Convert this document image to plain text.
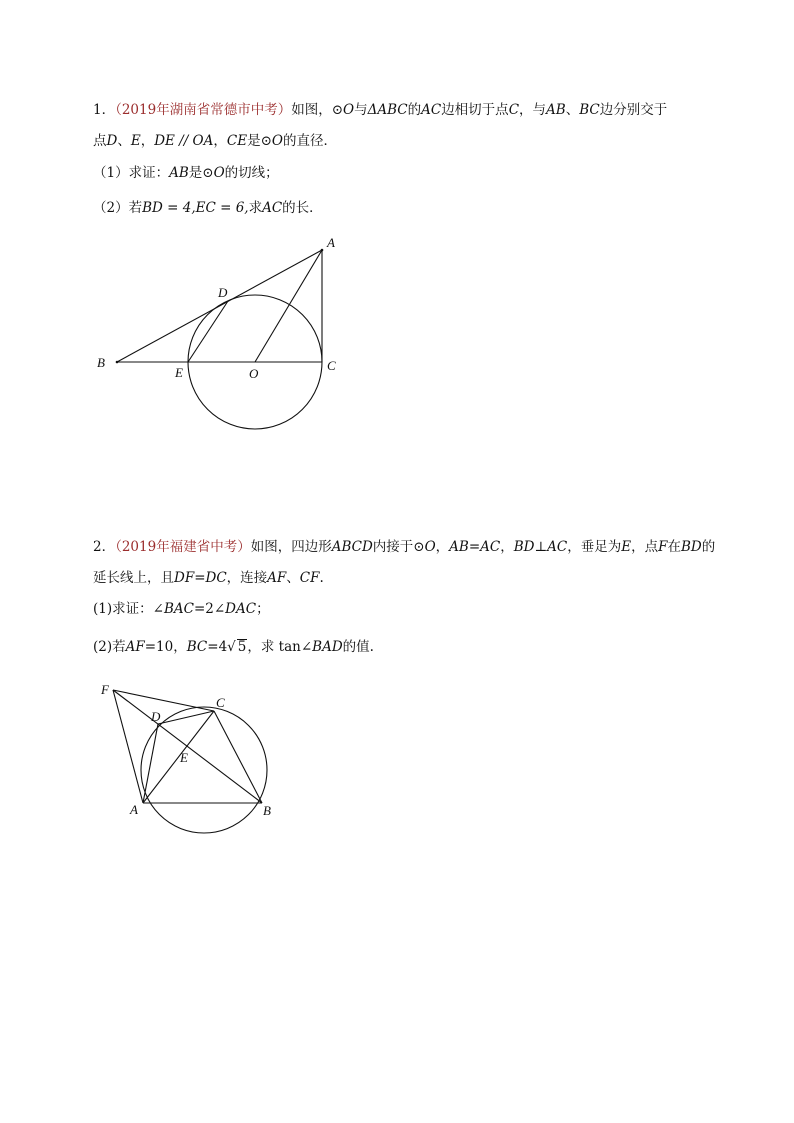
1．（2019年湖南省常德市中考）如图，⊙O与ΔABC的AC边相切于点C，与AB、BC边分别交于
点D、E，DE // OA，CE是⊙O的直径．
（1）求证：AB是⊙O的切线；
（2）若BD = 4,EC = 6,求AC的长．
A
B	C
D
E	O
2．（2019年福建省中考）如图，四边形ABCD内接于⊙O，AB=AC，BD⊥AC，垂足为E，点F在BD的
延长线上，且DF=DC，连接AF、CF.
(1)求证：∠BAC=2∠DAC；
(2)若AF=10，BC=4√ 5，求 tan∠BAD的值.
F
D
C
E
A	B
